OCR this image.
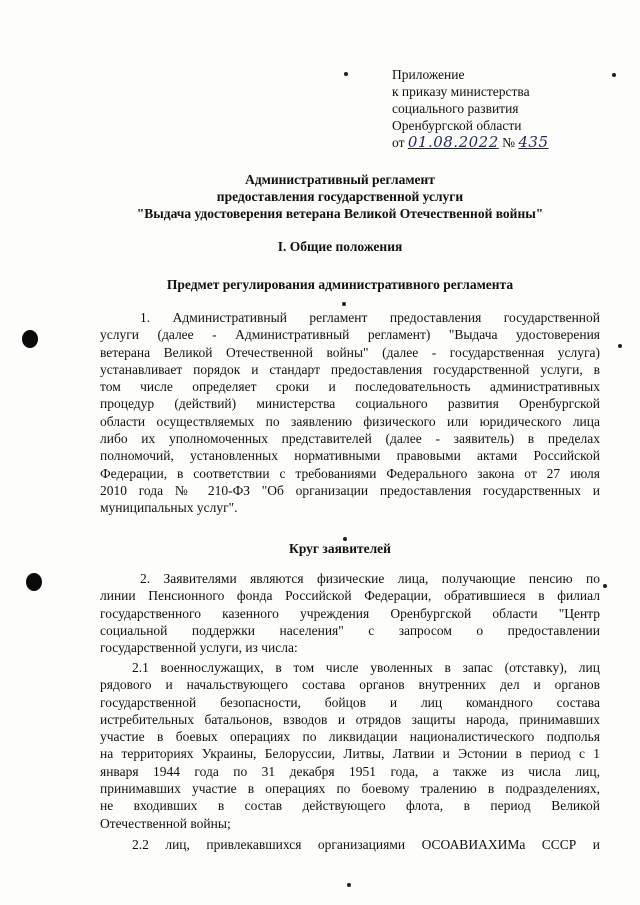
Приложение
к приказу министерства
социального развития
Оренбургской области
от 01.08.2022 № 435
Административный регламент
предоставления государственной услуги
"Выдача удостоверения ветерана Великой Отечественной войны"
I. Общие положения
Предмет регулирования административного регламента
1. Административный регламент предоставления государственной
услуги (далее - Административный регламент) "Выдача удостоверения
ветерана Великой Отечественной войны" (далее - государственная услуга)
устанавливает порядок и стандарт предоставления государственной услуги, в
том числе определяет сроки и последовательность административных
процедур (действий) министерства социального развития Оренбургской
области осуществляемых по заявлению физического или юридического лица
либо их уполномоченных представителей (далее - заявитель) в пределах
полномочий, установленных нормативными правовыми актами Российской
Федерации, в соответствии с требованиями Федерального закона от 27 июля
2010 года № 210-ФЗ "Об организации предоставления государственных и
муниципальных услуг".
Круг заявителей
2. Заявителями являются физические лица, получающие пенсию по
линии Пенсионного фонда Российской Федерации, обратившиеся в филиал
государственного казенного учреждения Оренбургской области "Центр
социальной поддержки населения" с запросом о предоставлении
государственной услуги, из числа:
2.1 военнослужащих, в том числе уволенных в запас (отставку), лиц
рядового и начальствующего состава органов внутренних дел и органов
государственной безопасности, бойцов и лиц командного состава
истребительных батальонов, взводов и отрядов защиты народа, принимавших
участие в боевых операциях по ликвидации националистического подполья
на территориях Украины, Белоруссии, Литвы, Латвии и Эстонии в период с 1
января 1944 года по 31 декабря 1951 года, а также из числа лиц,
принимавших участие в операциях по боевому тралению в подразделениях,
не входивших в состав действующего флота, в период Великой
Отечественной войны;
2.2 лиц, привлекавшихся организациями ОСОАВИАХИМа СССР и
